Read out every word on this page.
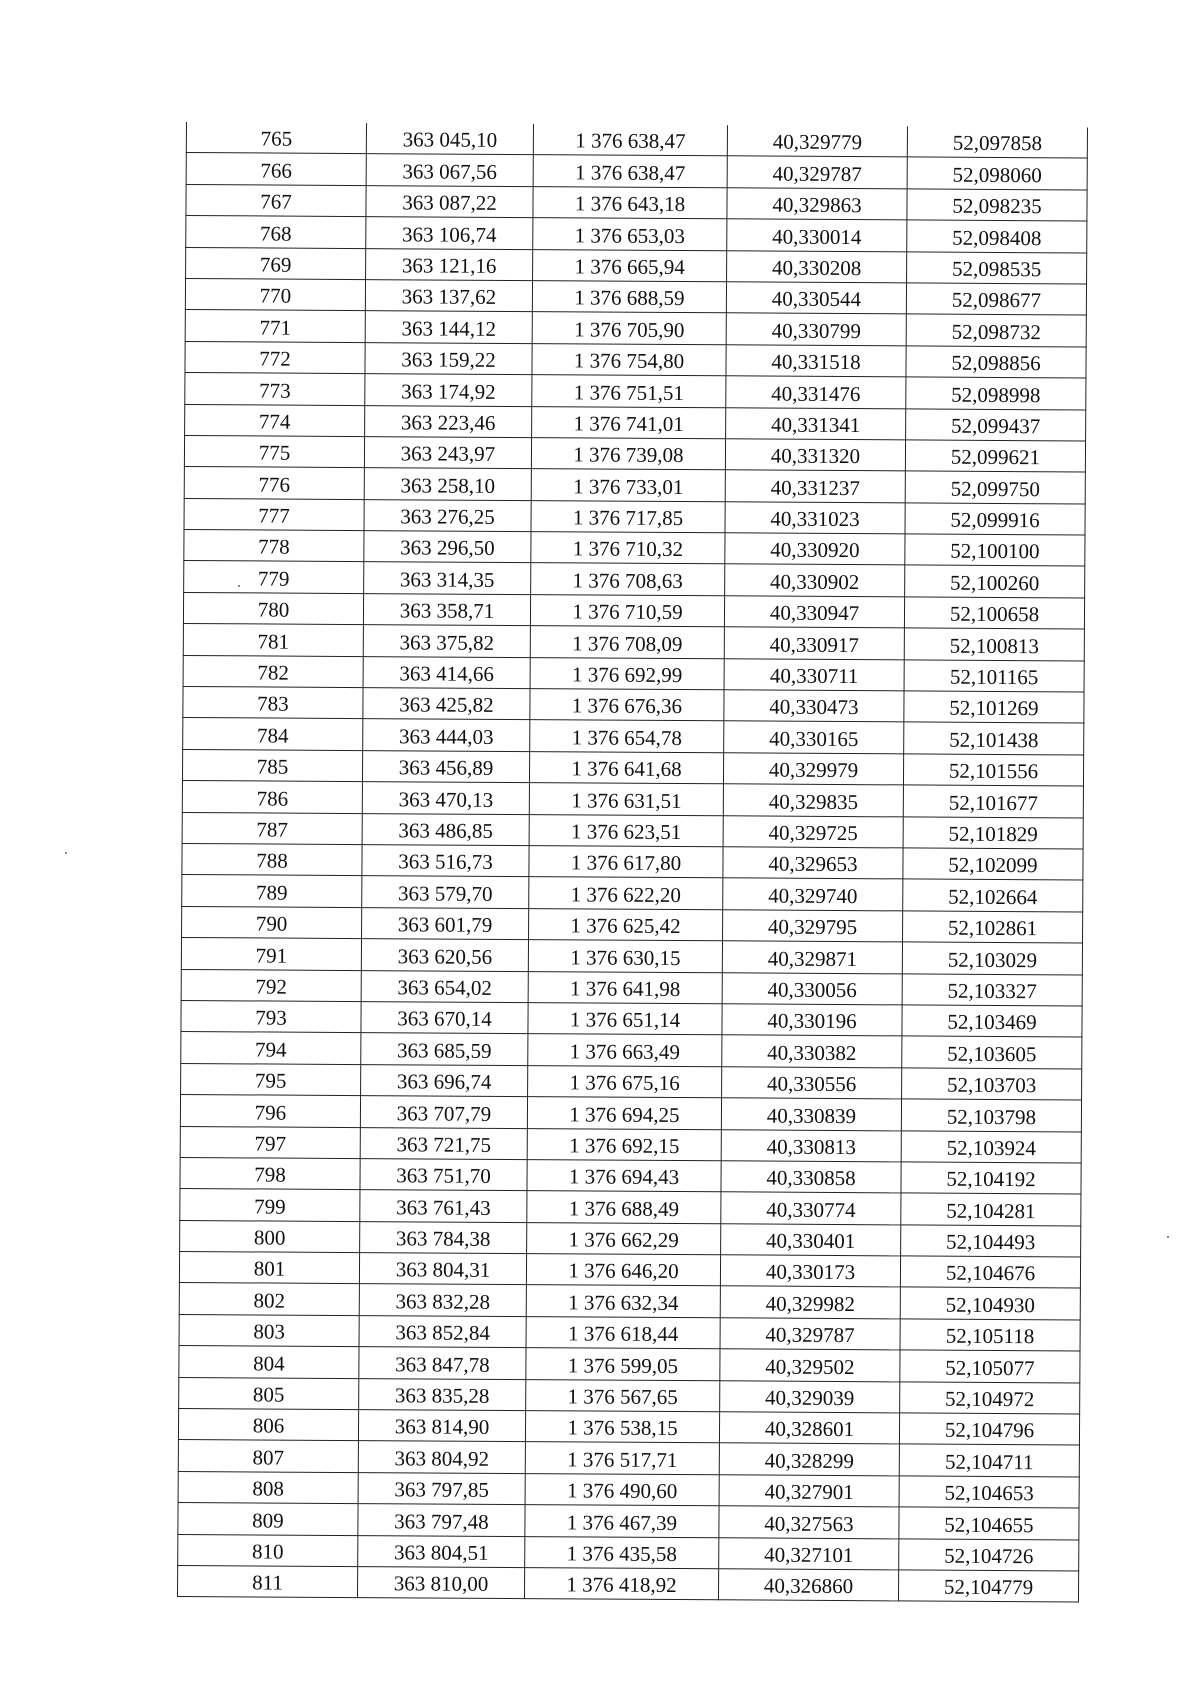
765	363 045,10	1 376 638,47	40,329779	52,097858
766	363 067,56	1 376 638,47	40,329787	52,098060
767	363 087,22	1 376 643,18	40,329863	52,098235
768	363 106,74	1 376 653,03	40,330014	52,098408
769	363 121,16	1 376 665,94	40,330208	52,098535
770	363 137,62	1 376 688,59	40,330544	52,098677
771	363 144,12	1 376 705,90	40,330799	52,098732
772	363 159,22	1 376 754,80	40,331518	52,098856
773	363 174,92	1 376 751,51	40,331476	52,098998
774	363 223,46	1 376 741,01	40,331341	52,099437
775	363 243,97	1 376 739,08	40,331320	52,099621
776	363 258,10	1 376 733,01	40,331237	52,099750
777	363 276,25	1 376 717,85	40,331023	52,099916
778	363 296,50	1 376 710,32	40,330920	52,100100
779	363 314,35	1 376 708,63	40,330902	52,100260
780	363 358,71	1 376 710,59	40,330947	52,100658
781	363 375,82	1 376 708,09	40,330917	52,100813
782	363 414,66	1 376 692,99	40,330711	52,101165
783	363 425,82	1 376 676,36	40,330473	52,101269
784	363 444,03	1 376 654,78	40,330165	52,101438
785	363 456,89	1 376 641,68	40,329979	52,101556
786	363 470,13	1 376 631,51	40,329835	52,101677
787	363 486,85	1 376 623,51	40,329725	52,101829
788	363 516,73	1 376 617,80	40,329653	52,102099
789	363 579,70	1 376 622,20	40,329740	52,102664
790	363 601,79	1 376 625,42	40,329795	52,102861
791	363 620,56	1 376 630,15	40,329871	52,103029
792	363 654,02	1 376 641,98	40,330056	52,103327
793	363 670,14	1 376 651,14	40,330196	52,103469
794	363 685,59	1 376 663,49	40,330382	52,103605
795	363 696,74	1 376 675,16	40,330556	52,103703
796	363 707,79	1 376 694,25	40,330839	52,103798
797	363 721,75	1 376 692,15	40,330813	52,103924
798	363 751,70	1 376 694,43	40,330858	52,104192
799	363 761,43	1 376 688,49	40,330774	52,104281
800	363 784,38	1 376 662,29	40,330401	52,104493
801	363 804,31	1 376 646,20	40,330173	52,104676
802	363 832,28	1 376 632,34	40,329982	52,104930
803	363 852,84	1 376 618,44	40,329787	52,105118
804	363 847,78	1 376 599,05	40,329502	52,105077
805	363 835,28	1 376 567,65	40,329039	52,104972
806	363 814,90	1 376 538,15	40,328601	52,104796
807	363 804,92	1 376 517,71	40,328299	52,104711
808	363 797,85	1 376 490,60	40,327901	52,104653
809	363 797,48	1 376 467,39	40,327563	52,104655
810	363 804,51	1 376 435,58	40,327101	52,104726
811	363 810,00	1 376 418,92	40,326860	52,104779
